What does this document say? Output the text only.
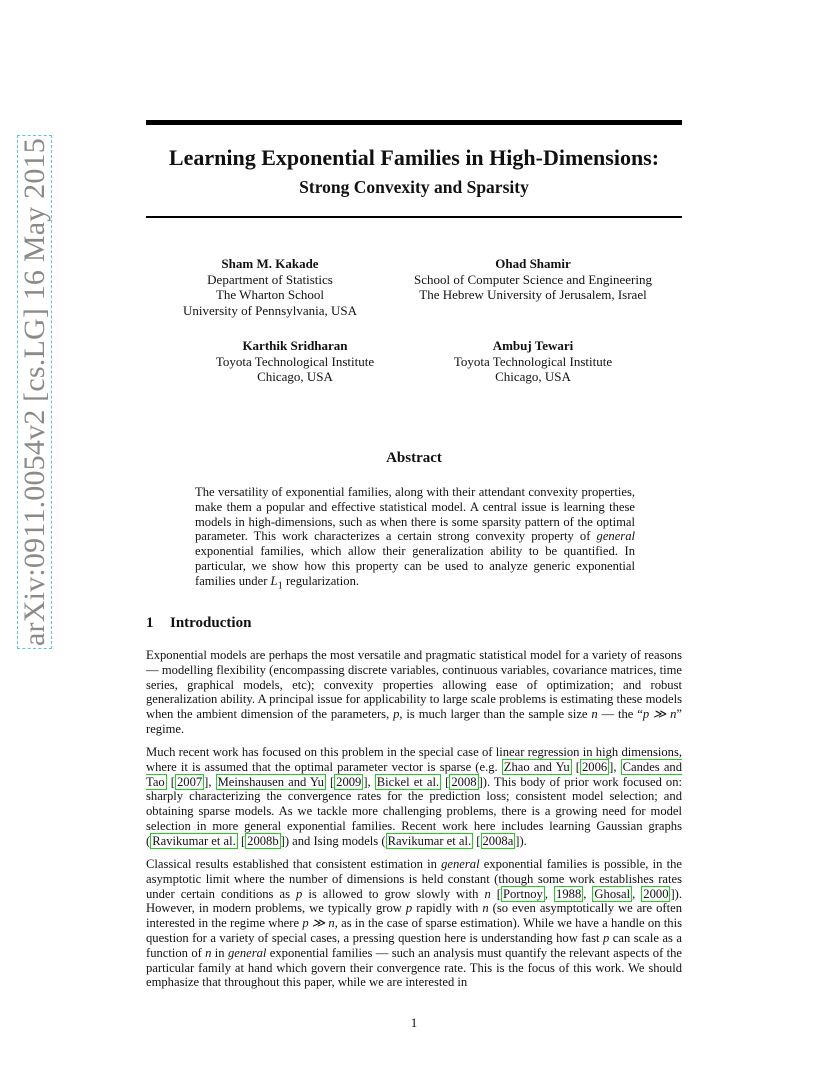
arXiv:0911.0054v2 [cs.LG] 16 May 2015	Learning Exponential Families in High-Dimensions:
Strong Convexity and Sparsity
Sham M. Kakade
Department of Statistics
The Wharton School
University of Pennsylvania, USA
Ohad Shamir
School of Computer Science and Engineering
The Hebrew University of Jerusalem, Israel
Karthik Sridharan
Toyota Technological Institute
Chicago, USA
Ambuj Tewari
Toyota Technological Institute
Chicago, USA
Abstract
The versatility of exponential families, along with their attendant convexity properties, make them a popular and effective statistical model. A central issue is learning these models in high-dimensions, such as when there is some sparsity pattern of the optimal parameter. This work characterizes a certain strong convexity property of general exponential families, which allow their generalization ability to be quantified. In particular, we show how this property can be used to analyze generic exponential families under $L_1$ regularization.
1 Introduction
Exponential models are perhaps the most versatile and pragmatic statistical model for a variety of reasons — modelling flexibility (encompassing discrete variables, continuous variables, covariance matrices, time series, graphical models, etc); convexity properties allowing ease of optimization; and robust generalization ability. A principal issue for applicability to large scale problems is estimating these models when the ambient dimension of the parameters, p, is much larger than the sample size n — the “p ≫ n” regime.
Much recent work has focused on this problem in the special case of linear regression in high dimensions, where it is assumed that the optimal parameter vector is sparse (e.g. Zhao and Yu [ 2006 ], Candes and Tao [ 2007 ], Meinshausen and Yu [ 2009 ], Bickel et al. [ 2008 ]). This body of prior work focused on: sharply characterizing the convergence rates for the prediction loss; consistent model selection; and obtaining sparse models. As we tackle more challenging problems, there is a growing need for model selection in more general exponential families. Recent work here includes learning Gaussian graphs ( Ravikumar et al. [ 2008b ]) and Ising models ( Ravikumar et al. [ 2008a ]).
Classical results established that consistent estimation in general exponential families is possible, in the asymptotic limit where the number of dimensions is held constant (though some work establishes rates under certain conditions as p is allowed to grow slowly with n [ Portnoy , 1988 , Ghosal , 2000 ]). However, in modern problems, we typically grow p rapidly with n (so even asymptotically we are often interested in the regime where p ≫ n, as in the case of sparse estimation). While we have a handle on this question for a variety of special cases, a pressing question here is understanding how fast p can scale as a function of n in general exponential families — such an analysis must quantify the relevant aspects of the particular family at hand which govern their convergence rate. This is the focus of this work. We should emphasize that throughout this paper, while we are interested in
1
